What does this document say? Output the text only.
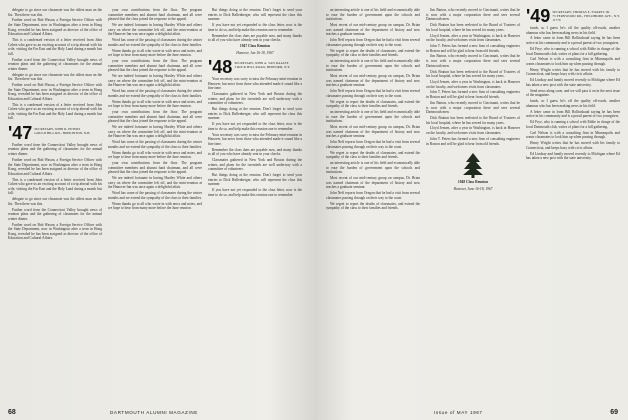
delegate to go since our classmate was the oldest man on the list. Then there was this.

Further word on Bob Wason, a Foreign Service Officer with the State Department, now in Washington after a term in Hong Kong, revealed he has been assigned as director of the office of Education and Cultural Affairs.

This is a condensed version of a letter received from John Cohen who gave us an exciting account of a trip abroad with his wife, visiting the Far East and the Holy Land during a month last fall.

Further word from the Connecticut Valley brought news of reunion plans and the gathering of classmates for the annual winter dinner.

delegate to go since our classmate was the oldest man on the list. Then there was this.

Further word on Bob Wason, a Foreign Service Officer with the State Department, now in Washington after a term in Hong Kong, revealed he has been assigned as director of the office of Education and Cultural Affairs.

This is a condensed version of a letter received from John Cohen who gave us an exciting account of a trip abroad with his wife, visiting the Far East and the Holy Land during a month last fall.

'47 SECRETARY, JOHN R. PETERS
GOULD HILL RD., HOPKINTON, N.H.

Further word from the Connecticut Valley brought news of reunion plans and the gathering of classmates for the annual winter dinner.

Further word on Bob Wason, a Foreign Service Officer with the State Department, now in Washington after a term in Hong Kong, revealed he has been assigned as director of the office of Education and Cultural Affairs.

This is a condensed version of a letter received from John Cohen who gave us an exciting account of a trip abroad with his wife, visiting the Far East and the Holy Land during a month last fall.

delegate to go since our classmate was the oldest man on the list. Then there was this.

Further word from the Connecticut Valley brought news of reunion plans and the gathering of classmates for the annual winter dinner.

Further word on Bob Wason, a Foreign Service Officer with the State Department, now in Washington after a term in Hong Kong, revealed he has been assigned as director of the office of Education and Cultural Affairs.

your own contributions from the floor. The program committee members and alumni fund chairman, and all were pleased that the class joined the response to the appeal.

We are indeed fortunate in having Hartley White and others carry on where the committee left off, and the mini-reunion at the Hanover Inn was once again a delightful affair.

Word has come of the passing of classmates during the winter months and we extend the sympathy of the class to their families.

Warm thanks go to all who wrote in with news and notes, and we hope to hear from many more before the June reunion.

your own contributions from the floor. The program committee members and alumni fund chairman, and all were pleased that the class joined the response to the appeal.

We are indeed fortunate in having Hartley White and others carry on where the committee left off, and the mini-reunion at the Hanover Inn was once again a delightful affair.

Word has come of the passing of classmates during the winter months and we extend the sympathy of the class to their families.

Warm thanks go to all who wrote in with news and notes, and we hope to hear from many more before the June reunion.

your own contributions from the floor. The program committee members and alumni fund chairman, and all were pleased that the class joined the response to the appeal.

We are indeed fortunate in having Hartley White and others carry on where the committee left off, and the mini-reunion at the Hanover Inn was once again a delightful affair.

Word has come of the passing of classmates during the winter months and we extend the sympathy of the class to their families.

Warm thanks go to all who wrote in with news and notes, and we hope to hear from many more before the June reunion.

your own contributions from the floor. The program committee members and alumni fund chairman, and all were pleased that the class joined the response to the appeal.

We are indeed fortunate in having Hartley White and others carry on where the committee left off, and the mini-reunion at the Hanover Inn was once again a delightful affair.

Word has come of the passing of classmates during the winter months and we extend the sympathy of the class to their families.

Warm thanks go to all who wrote in with news and notes, and we hope to hear from many more before the June reunion.

But things doing at the reunion. Don't forget to send your entries to Dick Hallenberger, who will represent the class this summer.

If you have not yet responded to the class letter, now is the time to do so, and help make this reunion one to remember.

Remember the class dues are payable now, and many thanks to all of you who have already sent in your checks.

1947 Class Reunion

Hanover, Jun 16-18, 1967

'48 SECRETARY, JOHN A. VAN RAALTE
3 ROCK HILL ROAD, BEDFORD, N.Y.

Your secretary was sorry to miss the February mini-reunion in Hanover, but news from those who attended made it sound like a fine time.

Classmates gathered in New York and Boston during the winter, and plans for the twentieth are well underway with a committee of volunteers.

But things doing at the reunion. Don't forget to send your entries to Dick Hallenberger, who will represent the class this summer.

If you have not yet responded to the class letter, now is the time to do so, and help make this reunion one to remember.

Your secretary was sorry to miss the February mini-reunion in Hanover, but news from those who attended made it sound like a fine time.

Remember the class dues are payable now, and many thanks to all of you who have already sent in your checks.

Classmates gathered in New York and Boston during the winter, and plans for the twentieth are well underway with a committee of volunteers.

But things doing at the reunion. Don't forget to send your entries to Dick Hallenberger, who will represent the class this summer.

If you have not yet responded to the class letter, now is the time to do so, and help make this reunion one to remember.

68	DARTMOUTH ALUMNI MAGAZINE

an interesting article is one of his field and economically able to ease the burden of government upon the schools and institutions.

Most recent of our mid-century group on campus, Dr. Brian was named chairman of the department of history and now teaches a graduate seminar.

John Neff reports from Oregon that he had a visit from several classmates passing through on their way to the coast.

We regret to report the deaths of classmates, and extend the sympathy of the class to their families and friends.

an interesting article is one of his field and economically able to ease the burden of government upon the schools and institutions.

Most recent of our mid-century group on campus, Dr. Brian was named chairman of the department of history and now teaches a graduate seminar.

John Neff reports from Oregon that he had a visit from several classmates passing through on their way to the coast.

We regret to report the deaths of classmates, and extend the sympathy of the class to their families and friends.

an interesting article is one of his field and economically able to ease the burden of government upon the schools and institutions.

Most recent of our mid-century group on campus, Dr. Brian was named chairman of the department of history and now teaches a graduate seminar.

John Neff reports from Oregon that he had a visit from several classmates passing through on their way to the coast.

We regret to report the deaths of classmates, and extend the sympathy of the class to their families and friends.

an interesting article is one of his field and economically able to ease the burden of government upon the schools and institutions.

Most recent of our mid-century group on campus, Dr. Brian was named chairman of the department of history and now teaches a graduate seminar.

John Neff reports from Oregon that he had a visit from several classmates passing through on their way to the coast.

We regret to report the deaths of classmates, and extend the sympathy of the class to their families and friends.

Jim Barton, who recently moved to Cincinnati, writes that he is now with a major corporation there and sees several Dartmouth men.

Dick Bratton has been reelected to the Board of Trustees of his local hospital, where he has served for many years.

Lloyd Jensen, after a year in Washington, is back in Hanover on the faculty, and welcomes visits from classmates.

John T. Peters has formed a new firm of consulting engineers in Boston and will be glad to hear from old friends.

Jim Barton, who recently moved to Cincinnati, writes that he is now with a major corporation there and sees several Dartmouth men.

Dick Bratton has been reelected to the Board of Trustees of his local hospital, where he has served for many years.

Lloyd Jensen, after a year in Washington, is back in Hanover on the faculty, and welcomes visits from classmates.

John T. Peters has formed a new firm of consulting engineers in Boston and will be glad to hear from old friends.

Jim Barton, who recently moved to Cincinnati, writes that he is now with a major corporation there and sees several Dartmouth men.

Dick Bratton has been reelected to the Board of Trustees of his local hospital, where he has served for many years.

Lloyd Jensen, after a year in Washington, is back in Hanover on the faculty, and welcomes visits from classmates.

John T. Peters has formed a new firm of consulting engineers in Boston and will be glad to hear from old friends.

1948 Class Reunion

Hanover, June 16-18, 1967

'49 SECRETARY, THOMAS E. SWARTZ JR.
73 FERNWOOD RD., FIELDHOME AVE., N.Y. 11776

funds, so I guess he's off the quality off-roads, another alumnus who has been making news in his field.

A letter came in from Bill Rollinshaud saying he has been active in his community and is a proud parent of two youngsters.

Ed Frye, who is running a school with Eddie in charge of the local Dartmouth club, writes of plans for a fall gathering.

Carl Nelson is with a consulting firm in Minneapolis and wants classmates to look him up when passing through.

Henry Wright writes that he has moved with his family to Connecticut, and keeps busy with civic affairs.

Ed Lindsay and family moved recently to Michigan where Ed has taken a new post with the state university.

Send news along soon, and we will pass it on in the next issue of the magazine.

funds, so I guess he's off the quality off-roads, another alumnus who has been making news in his field.

A letter came in from Bill Rollinshaud saying he has been active in his community and is a proud parent of two youngsters.

Ed Frye, who is running a school with Eddie in charge of the local Dartmouth club, writes of plans for a fall gathering.

Carl Nelson is with a consulting firm in Minneapolis and wants classmates to look him up when passing through.

Henry Wright writes that he has moved with his family to Connecticut, and keeps busy with civic affairs.

Ed Lindsay and family moved recently to Michigan where Ed has taken a new post with the state university.

Issue of MAY 1967	69
